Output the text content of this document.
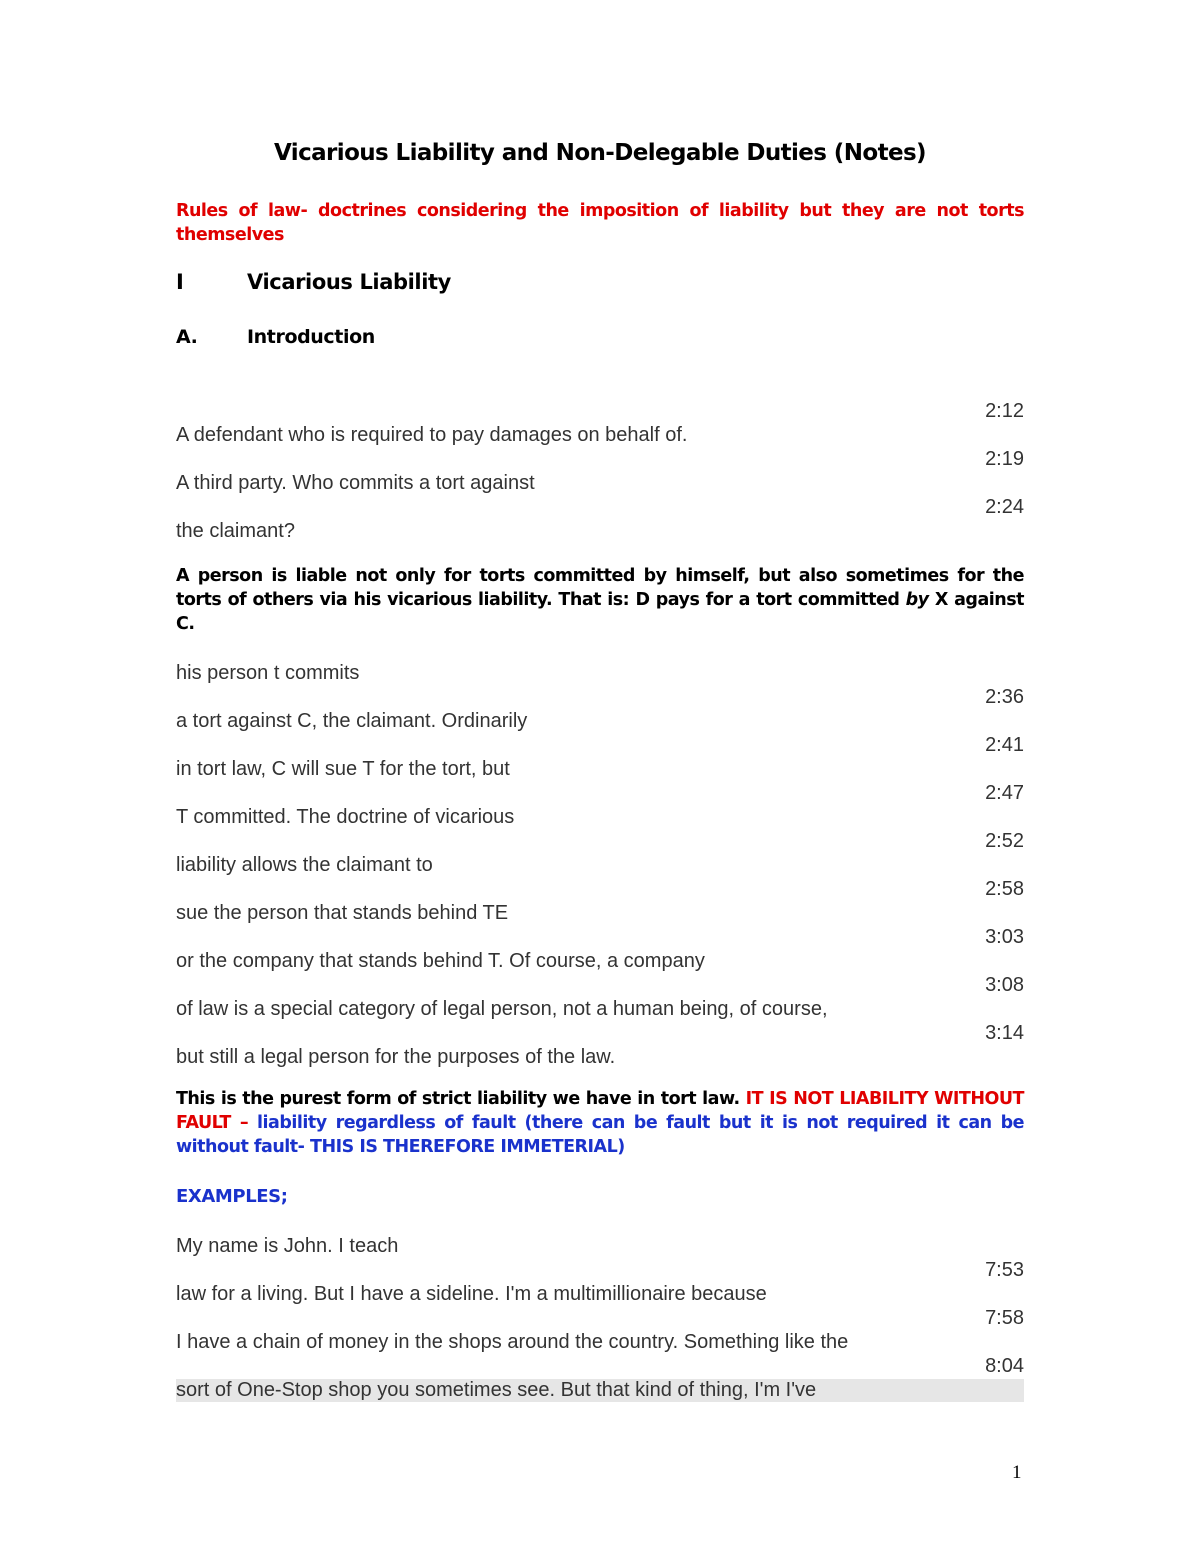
Vicarious Liability and Non-Delegable Duties (Notes)
Rules of law- doctrines considering the imposition of liability but they are not torts themselves
I	Vicarious Liability
A.	Introduction
2:12
A defendant who is required to pay damages on behalf of.
2:19
A third party. Who commits a tort against
2:24
the claimant?
A person is liable not only for torts committed by himself, but also sometimes for the torts of others via his vicarious liability. That is: D pays for a tort committed by X against C.
his person t commits
2:36
a tort against C, the claimant. Ordinarily
2:41
in tort law, C will sue T for the tort, but
2:47
T committed. The doctrine of vicarious
2:52
liability allows the claimant to
2:58
sue the person that stands behind TE
3:03
or the company that stands behind T. Of course, a company
3:08
of law is a special category of legal person, not a human being, of course,
3:14
but still a legal person for the purposes of the law.
This is the purest form of strict liability we have in tort law. IT IS NOT LIABILITY WITHOUT FAULT – liability regardless of fault (there can be fault but it is not required it can be without fault- THIS IS THEREFORE IMMETERIAL)
EXAMPLES;
My name is John. I teach
7:53
law for a living. But I have a sideline. I'm a multimillionaire because
7:58
I have a chain of money in the shops around the country. Something like the
8:04
sort of One-Stop shop you sometimes see. But that kind of thing, I'm I've
1
